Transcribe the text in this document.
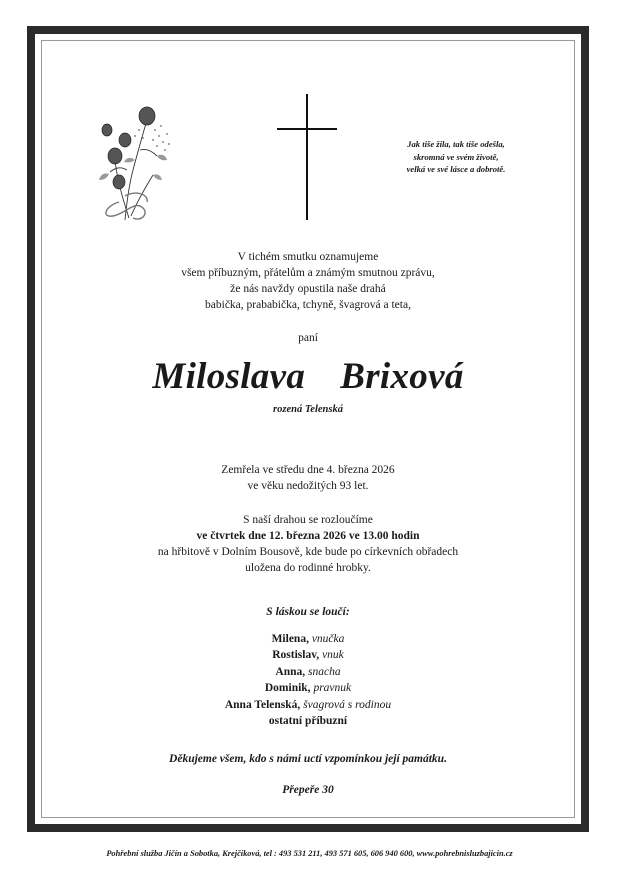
Jak tiše žila, tak tiše odešla,
skromná ve svém životě,
velká ve své lásce a dobrotě.
V tichém smutku oznamujeme
všem příbuzným, přátelům a známým smutnou zprávu,
že nás navždy opustila naše drahá
babička, prababička, tchyně, švagrová a teta,
paní
Miloslava  Brixová
rozená Telenská
Zemřela ve středu dne 4. března 2026
ve věku nedožitých 93 let.
S naší drahou se rozloučíme
ve čtvrtek dne 12. března 2026 ve 13.00 hodin
na hřbitově v Dolním Bousově, kde bude po církevních obřadech
uložena do rodinné hrobky.
S láskou se loučí:
Milena, vnučka
Rostislav, vnuk
Anna, snacha
Dominik, pravnuk
Anna Telenská, švagrová s rodinou
ostatní příbuzní
Děkujeme všem, kdo s námi uctí vzpomínkou její památku.
Přepeře 30
Pohřební služba Jičín a Sobotka, Krejčíková, tel : 493 531 211, 493 571 605, 606 940 600, www.pohrebnisluzbajicin.cz
